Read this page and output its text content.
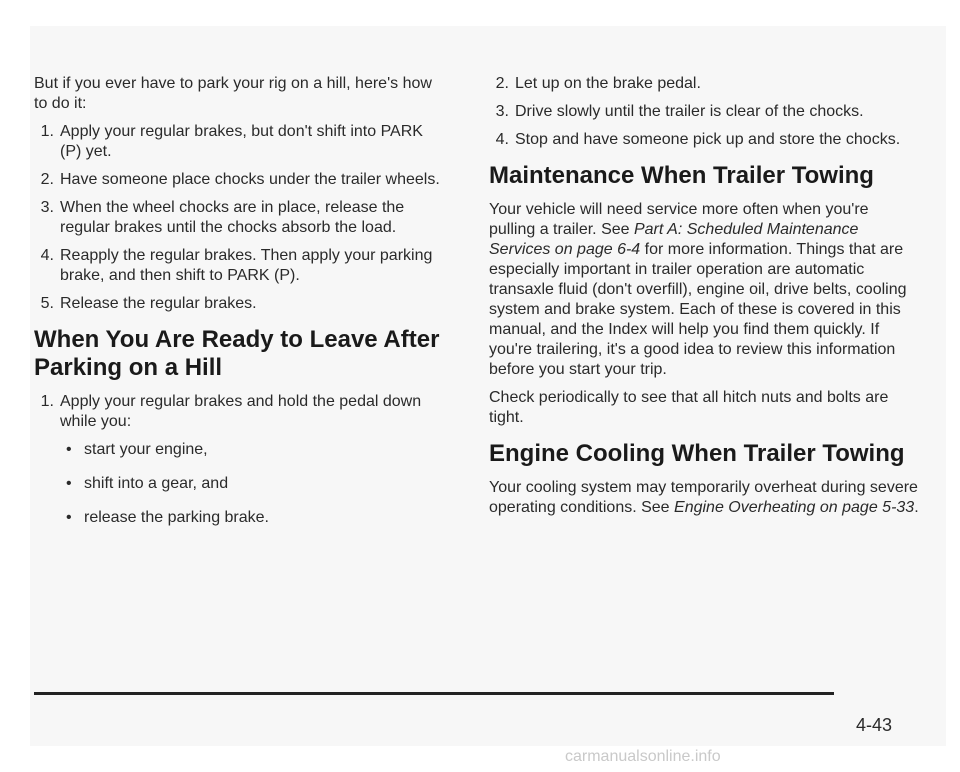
But if you ever have to park your rig on a hill, here's how to do it:

1. Apply your regular brakes, but don't shift into PARK (P) yet.
2. Have someone place chocks under the trailer wheels.
3. When the wheel chocks are in place, release the regular brakes until the chocks absorb the load.
4. Reapply the regular brakes. Then apply your parking brake, and then shift to PARK (P).
5. Release the regular brakes.
When You Are Ready to Leave After Parking on a Hill
1. Apply your regular brakes and hold the pedal down while you:
• start your engine,
• shift into a gear, and
• release the parking brake.
2. Let up on the brake pedal.
3. Drive slowly until the trailer is clear of the chocks.
4. Stop and have someone pick up and store the chocks.
Maintenance When Trailer Towing

Your vehicle will need service more often when you're pulling a trailer. See Part A: Scheduled Maintenance Services on page 6-4 for more information. Things that are especially important in trailer operation are automatic transaxle fluid (don't overfill), engine oil, drive belts, cooling system and brake system. Each of these is covered in this manual, and the Index will help you find them quickly. If you're trailering, it's a good idea to review this information before you start your trip.

Check periodically to see that all hitch nuts and bolts are tight.

Engine Cooling When Trailer Towing

Your cooling system may temporarily overheat during severe operating conditions. See Engine Overheating on page 5-33.

4-43
carmanualsonline.info
